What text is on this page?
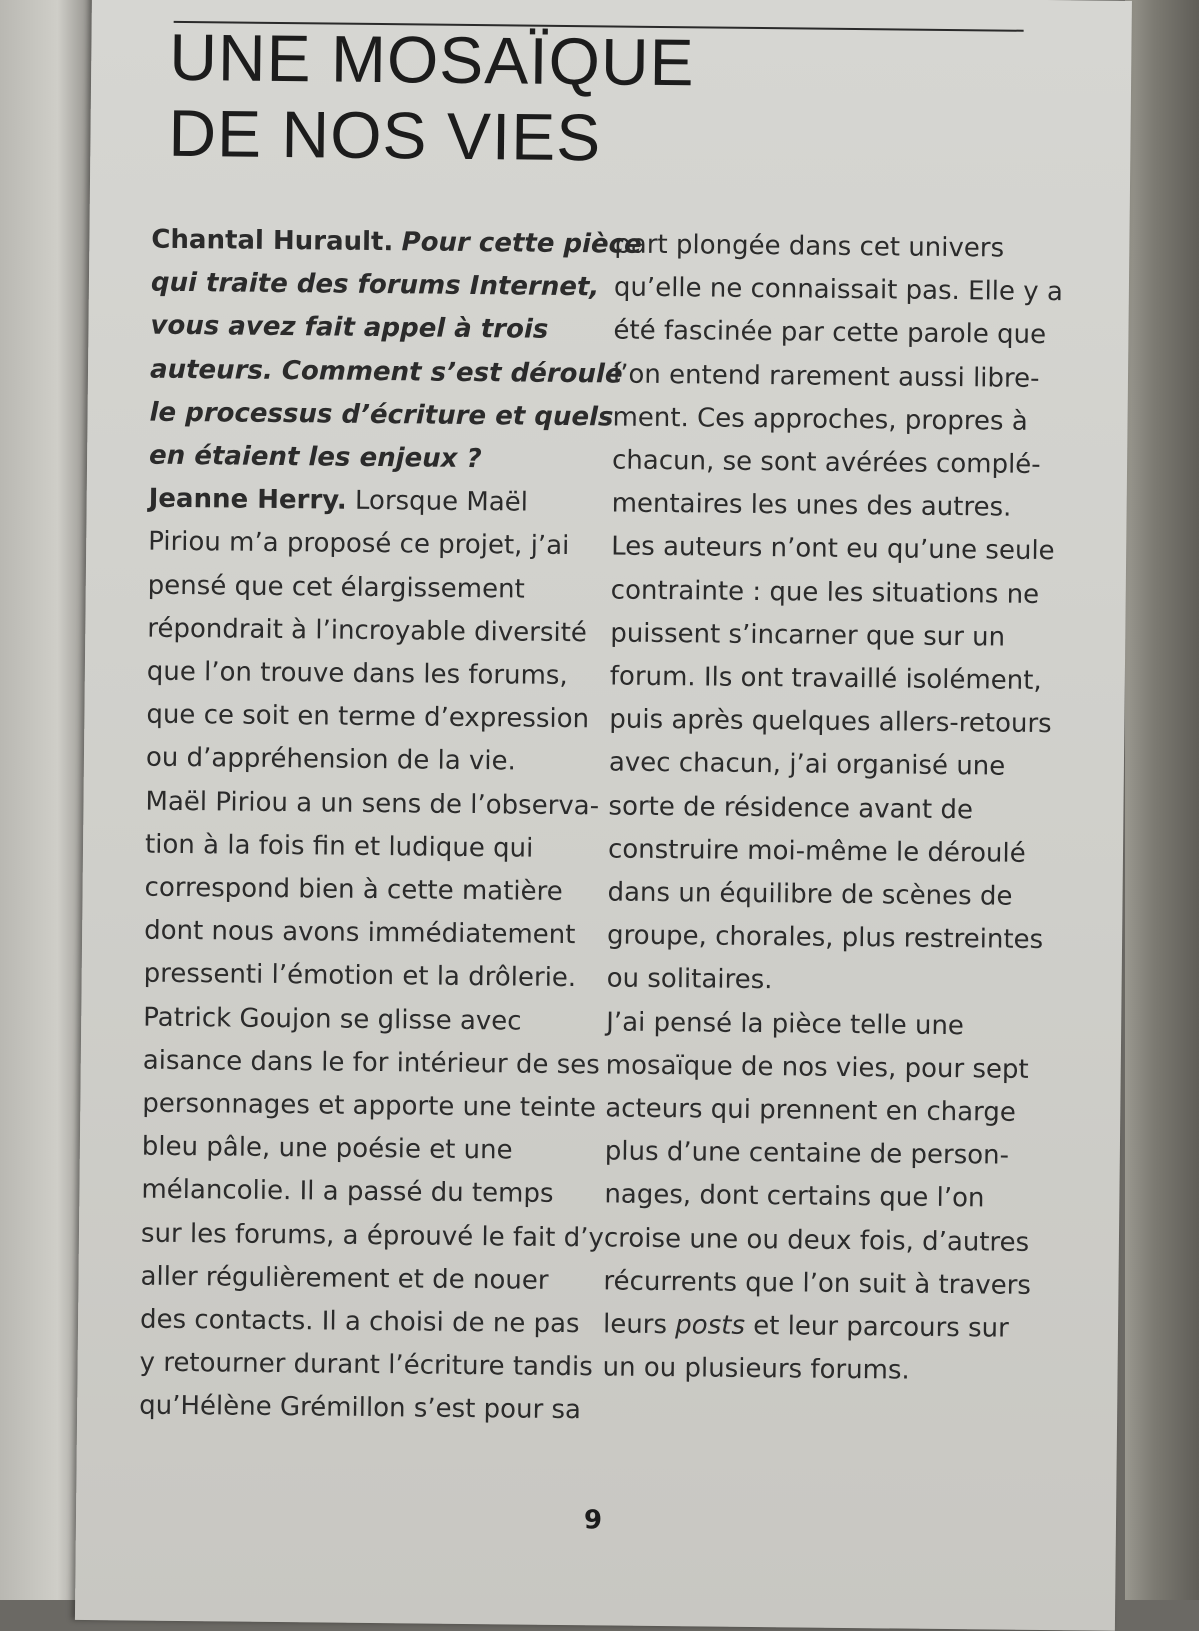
UNE MOSAÏQUE
DE NOS VIES
Chantal Hurault. Pour cette pièce
qui traite des forums Internet,
vous avez fait appel à trois
auteurs. Comment s’est déroulé
le processus d’écriture et quels
en étaient les enjeux ?
Jeanne Herry. Lorsque Maël
Piriou m’a proposé ce projet, j’ai
pensé que cet élargissement
répondrait à l’incroyable diversité
que l’on trouve dans les forums,
que ce soit en terme d’expression
ou d’appréhension de la vie.
Maël Piriou a un sens de l’observa-
tion à la fois fin et ludique qui
correspond bien à cette matière
dont nous avons immédiatement
pressenti l’émotion et la drôlerie.
Patrick Goujon se glisse avec
aisance dans le for intérieur de ses
personnages et apporte une teinte
bleu pâle, une poésie et une
mélancolie. Il a passé du temps
sur les forums, a éprouvé le fait d’y
aller régulièrement et de nouer
des contacts. Il a choisi de ne pas
y retourner durant l’écriture tandis
qu’Hélène Grémillon s’est pour sa
part plongée dans cet univers
qu’elle ne connaissait pas. Elle y a
été fascinée par cette parole que
l’on entend rarement aussi libre-
ment. Ces approches, propres à
chacun, se sont avérées complé-
mentaires les unes des autres.
Les auteurs n’ont eu qu’une seule
contrainte : que les situations ne
puissent s’incarner que sur un
forum. Ils ont travaillé isolément,
puis après quelques allers-retours
avec chacun, j’ai organisé une
sorte de résidence avant de
construire moi-même le déroulé
dans un équilibre de scènes de
groupe, chorales, plus restreintes
ou solitaires.
J’ai pensé la pièce telle une
mosaïque de nos vies, pour sept
acteurs qui prennent en charge
plus d’une centaine de person-
nages, dont certains que l’on
croise une ou deux fois, d’autres
récurrents que l’on suit à travers
leurs posts et leur parcours sur
un ou plusieurs forums.
9
